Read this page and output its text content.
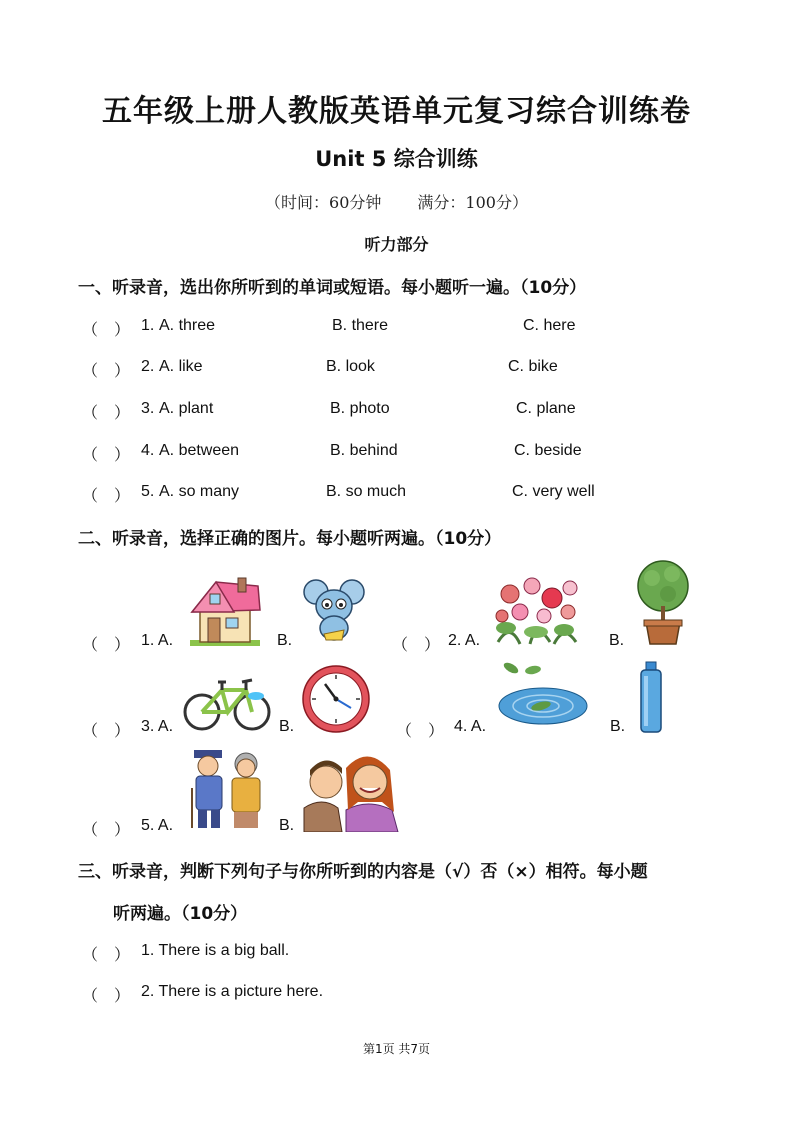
五年级上册人教版英语单元复习综合训练卷
Unit 5 综合训练
（时间：60分钟 满分：100分）
听力部分
一、听录音，选出你所听到的单词或短语。每小题听一遍。（10分）
（　） 1. A. three	B. there	C. here
（　） 2. A. like	B. look	C. bike
（　） 3. A. plant	B. photo	C. plane
（　） 4. A. between	B. behind	C. beside
（　） 5. A. so many	B. so much	C. very well
二、听录音，选择正确的图片。每小题听两遍。（10分）
（　） 1. A.	B.	（　） 2. A.	B.
（　） 3. A.	B.	（　） 4. A.	B.
（　） 5. A.	B.
三、听录音，判断下列句子与你所听到的内容是（√）否（×）相符。每小题
听两遍。（10分）
（　） 1. There is a big ball.
（　） 2. There is a picture here.
第1页 共7页
